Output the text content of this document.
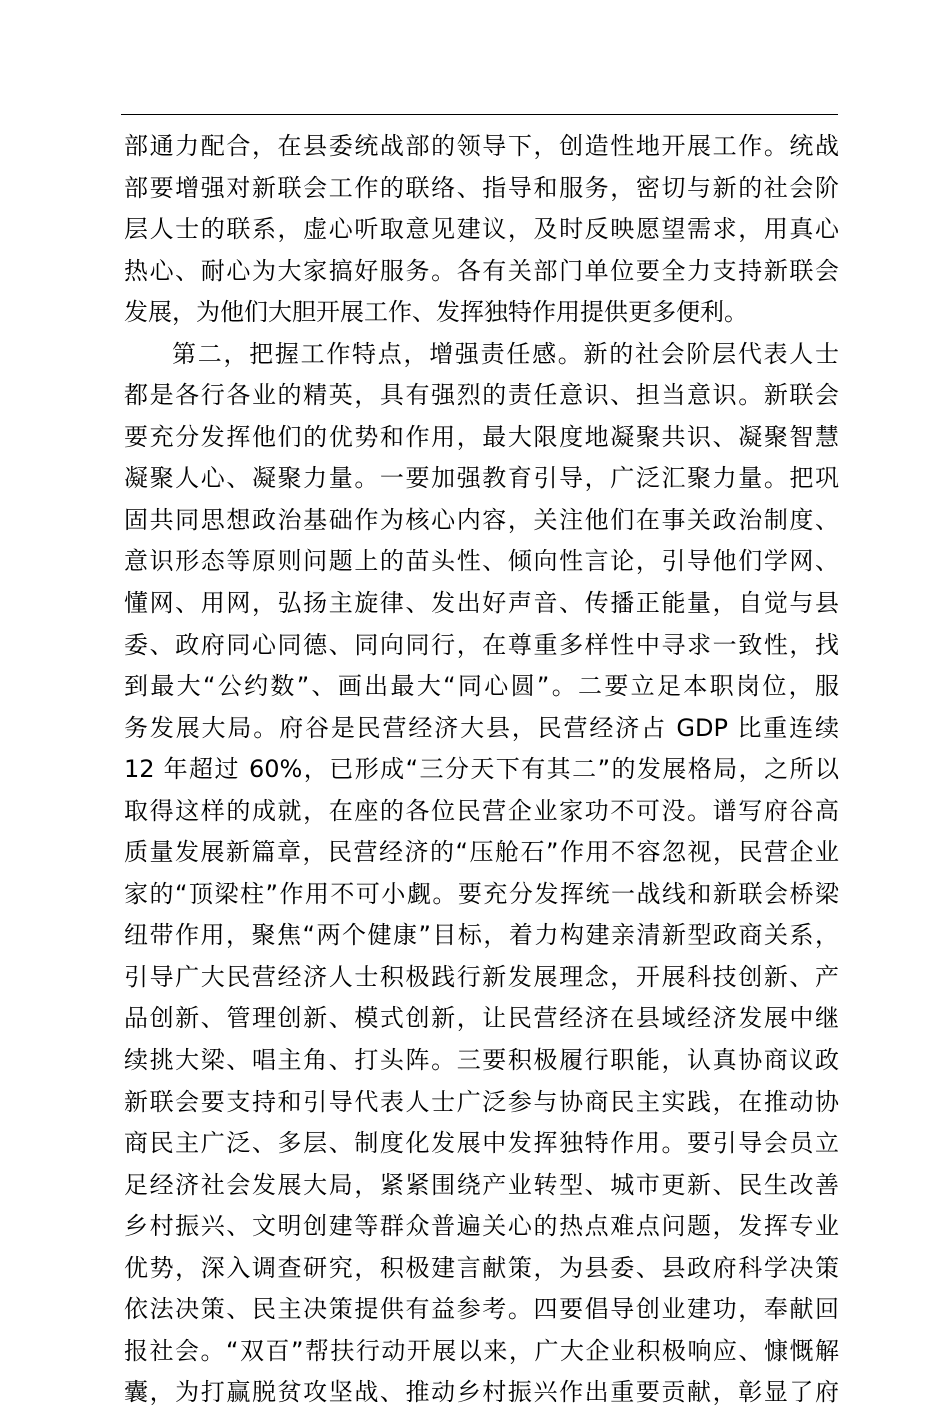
部通力配合，在县委统战部的领导下，创造性地开展工作。统战
部要增强对新联会工作的联络、指导和服务，密切与新的社会阶
层人士的联系，虚心听取意见建议，及时反映愿望需求，用真心
热心、耐心为大家搞好服务。各有关部门单位要全力支持新联会
发展，为他们大胆开展工作、发挥独特作用提供更多便利。
第二，把握工作特点，增强责任感。新的社会阶层代表人士
都是各行各业的精英，具有强烈的责任意识、担当意识。新联会
要充分发挥他们的优势和作用，最大限度地凝聚共识、凝聚智慧
凝聚人心、凝聚力量。一要加强教育引导，广泛汇聚力量。把巩
固共同思想政治基础作为核心内容，关注他们在事关政治制度、
意识形态等原则问题上的苗头性、倾向性言论，引导他们学网、
懂网、用网，弘扬主旋律、发出好声音、传播正能量，自觉与县
委、政府同心同德、同向同行，在尊重多样性中寻求一致性，找
到最大“公约数”、画出最大“同心圆”。二要立足本职岗位，服
务发展大局。府谷是民营经济大县，民营经济占 GDP 比重连续
12 年超过 60%，已形成“三分天下有其二”的发展格局，之所以
取得这样的成就，在座的各位民营企业家功不可没。谱写府谷高
质量发展新篇章，民营经济的“压舱石”作用不容忽视，民营企业
家的“顶梁柱”作用不可小觑。要充分发挥统一战线和新联会桥梁
纽带作用，聚焦“两个健康”目标，着力构建亲清新型政商关系，
引导广大民营经济人士积极践行新发展理念，开展科技创新、产
品创新、管理创新、模式创新，让民营经济在县域经济发展中继
续挑大梁、唱主角、打头阵。三要积极履行职能，认真协商议政
新联会要支持和引导代表人士广泛参与协商民主实践，在推动协
商民主广泛、多层、制度化发展中发挥独特作用。要引导会员立
足经济社会发展大局，紧紧围绕产业转型、城市更新、民生改善
乡村振兴、文明创建等群众普遍关心的热点难点问题，发挥专业
优势，深入调查研究，积极建言献策，为县委、县政府科学决策
依法决策、民主决策提供有益参考。四要倡导创业建功，奉献回
报社会。“双百”帮扶行动开展以来，广大企业积极响应、慷慨解
囊，为打赢脱贫攻坚战、推动乡村振兴作出重要贡献，彰显了府
